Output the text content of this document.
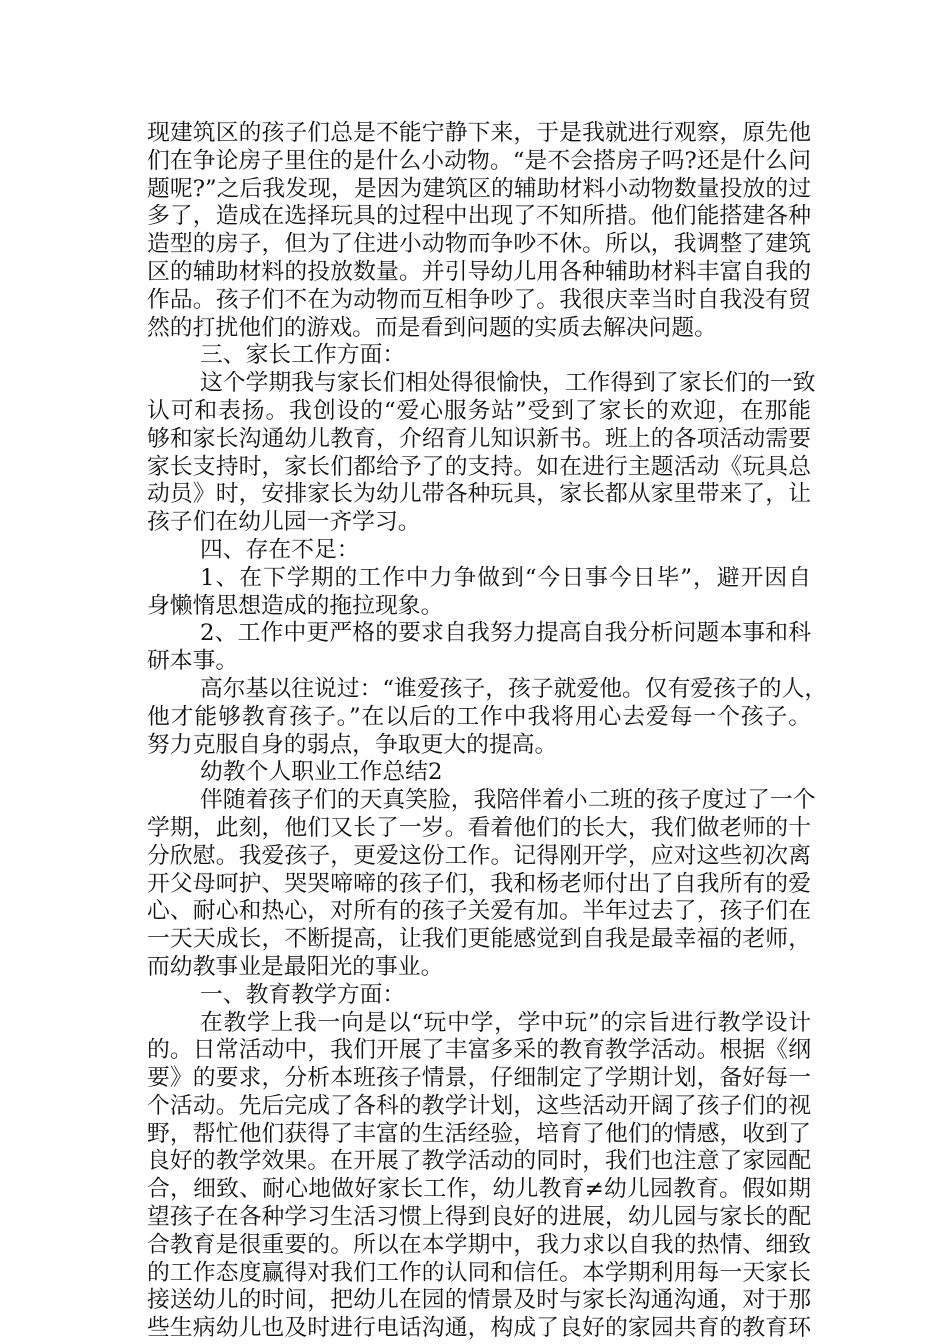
现建筑区的孩子们总是不能宁静下来，于是我就进行观察，原先他
们在争论房子里住的是什么小动物。“是不会搭房子吗?还是什么问
题呢?”之后我发现，是因为建筑区的辅助材料小动物数量投放的过
多了，造成在选择玩具的过程中出现了不知所措。他们能搭建各种
造型的房子，但为了住进小动物而争吵不休。所以，我调整了建筑
区的辅助材料的投放数量。并引导幼儿用各种辅助材料丰富自我的
作品。孩子们不在为动物而互相争吵了。我很庆幸当时自我没有贸
然的打扰他们的游戏。而是看到问题的实质去解决问题。
三、家长工作方面：
这个学期我与家长们相处得很愉快，工作得到了家长们的一致
认可和表扬。我创设的“爱心服务站”受到了家长的欢迎，在那能
够和家长沟通幼儿教育，介绍育儿知识新书。班上的各项活动需要
家长支持时，家长们都给予了的支持。如在进行主题活动《玩具总
动员》时，安排家长为幼儿带各种玩具，家长都从家里带来了，让
孩子们在幼儿园一齐学习。
四、存在不足：
1、在下学期的工作中力争做到“今日事今日毕”，避开因自
身懒惰思想造成的拖拉现象。
2、工作中更严格的要求自我努力提高自我分析问题本事和科
研本事。
高尔基以往说过：“谁爱孩子，孩子就爱他。仅有爱孩子的人，
他才能够教育孩子。”在以后的工作中我将用心去爱每一个孩子。
努力克服自身的弱点，争取更大的提高。
幼教个人职业工作总结2
伴随着孩子们的天真笑脸，我陪伴着小二班的孩子度过了一个
学期，此刻，他们又长了一岁。看着他们的长大，我们做老师的十
分欣慰。我爱孩子，更爱这份工作。记得刚开学，应对这些初次离
开父母呵护、哭哭啼啼的孩子们，我和杨老师付出了自我所有的爱
心、耐心和热心，对所有的孩子关爱有加。半年过去了，孩子们在
一天天成长，不断提高，让我们更能感觉到自我是最幸福的老师，
而幼教事业是最阳光的事业。
一、教育教学方面：
在教学上我一向是以“玩中学，学中玩”的宗旨进行教学设计
的。日常活动中，我们开展了丰富多采的教育教学活动。根据《纲
要》的要求，分析本班孩子情景，仔细制定了学期计划，备好每一
个活动。先后完成了各科的教学计划，这些活动开阔了孩子们的视
野，帮忙他们获得了丰富的生活经验，培育了他们的情感，收到了
良好的教学效果。在开展了教学活动的同时，我们也注意了家园配
合，细致、耐心地做好家长工作，幼儿教育≠幼儿园教育。假如期
望孩子在各种学习生活习惯上得到良好的进展，幼儿园与家长的配
合教育是很重要的。所以在本学期中，我力求以自我的热情、细致
的工作态度赢得对我们工作的认同和信任。本学期利用每一天家长
接送幼儿的时间，把幼儿在园的情景及时与家长沟通沟通，对于那
些生病幼儿也及时进行电话沟通，构成了良好的家园共育的教育环
